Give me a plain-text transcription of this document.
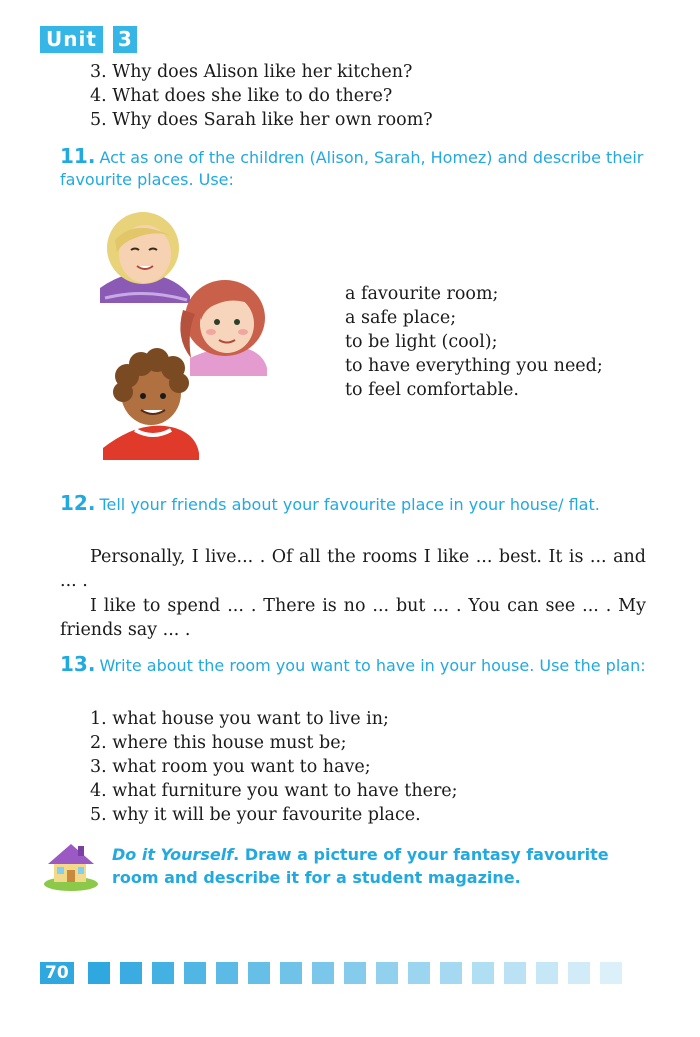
Unit	3
3. Why does Alison like her kitchen?
4. What does she like to do there?
5. Why does Sarah like her own room?
11. Act as one of the children (Alison, Sarah, Homez) and describe their favourite places. Use:
a favourite room;
a safe place;
to be light (cool);
to have everything you need;
to feel comfortable.
12. Tell your friends about your favourite place in your house/ flat.

Personally, I live... . Of all the rooms I like ... best. It is ... and ... .

I like to spend ... . There is no ... but ... . You can see ... . My friends say ... .

13. Write about the room you want to have in your house. Use the plan:
1. what house you want to live in;
2. where this house must be;
3. what room you want to have;
4. what furniture you want to have there;
5. why it will be your favourite place.
Do it Yourself. Draw a picture of your fantasy favourite room and describe it for a student magazine.
70
